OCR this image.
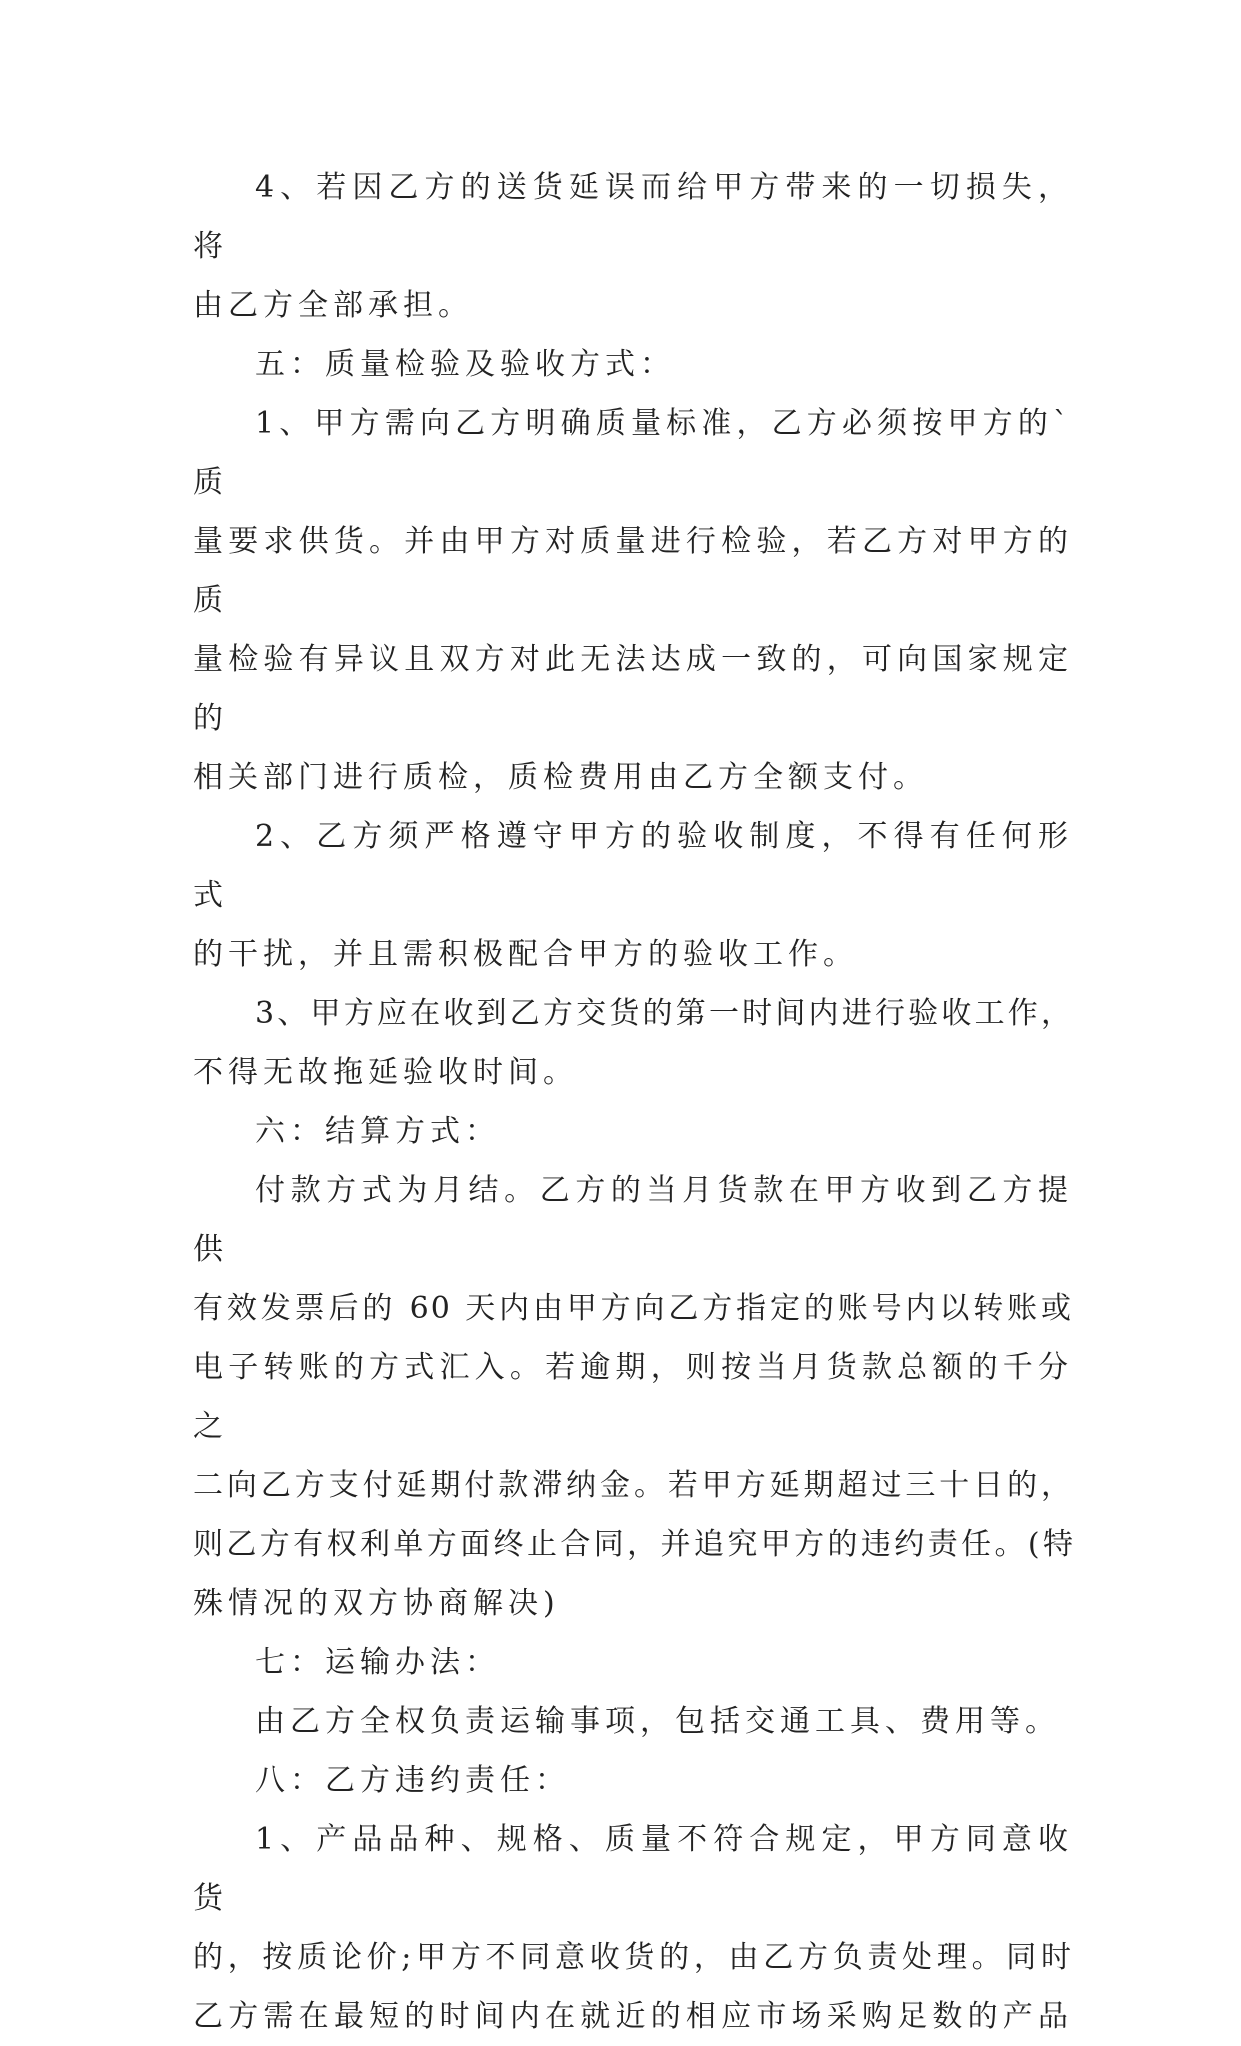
4、若因乙方的送货延误而给甲方带来的一切损失，将
由乙方全部承担。
五：质量检验及验收方式：
1、甲方需向乙方明确质量标准，乙方必须按甲方的`质
量要求供货。并由甲方对质量进行检验，若乙方对甲方的质
量检验有异议且双方对此无法达成一致的，可向国家规定的
相关部门进行质检，质检费用由乙方全额支付。
2、乙方须严格遵守甲方的验收制度，不得有任何形式
的干扰，并且需积极配合甲方的验收工作。
3、甲方应在收到乙方交货的第一时间内进行验收工作，
不得无故拖延验收时间。
六：结算方式：
付款方式为月结。乙方的当月货款在甲方收到乙方提供
有效发票后的 60 天内由甲方向乙方指定的账号内以转账或
电子转账的方式汇入。若逾期，则按当月货款总额的千分之
二向乙方支付延期付款滞纳金。若甲方延期超过三十日的，
则乙方有权利单方面终止合同，并追究甲方的违约责任。(特
殊情况的双方协商解决)
七：运输办法：
由乙方全权负责运输事项，包括交通工具、费用等。
八：乙方违约责任：
1、产品品种、规格、质量不符合规定，甲方同意收货
的，按质论价;甲方不同意收货的，由乙方负责处理。同时
乙方需在最短的时间内在就近的相应市场采购足数的产品
